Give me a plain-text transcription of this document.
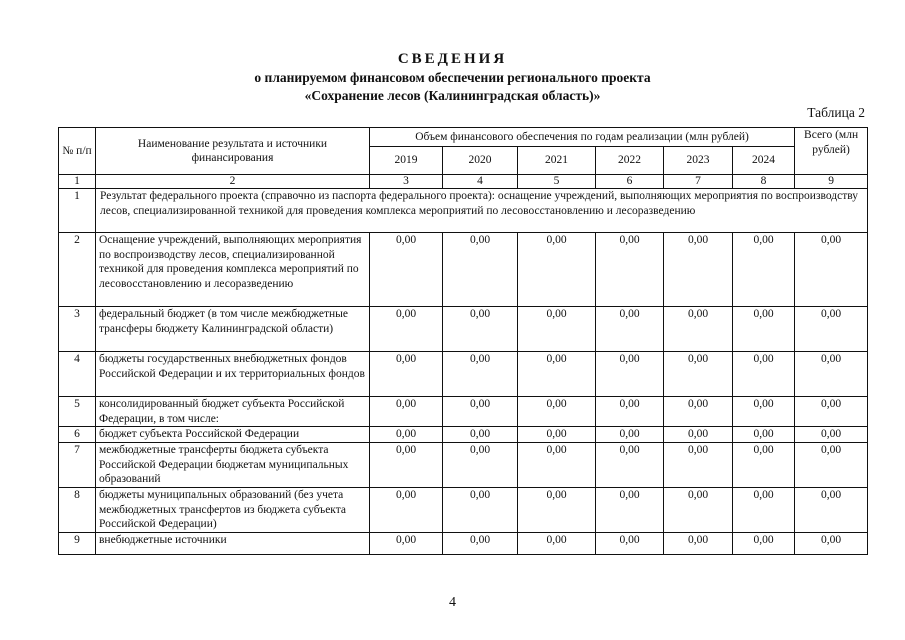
СВЕДЕНИЯ
о планируемом финансовом обеспечении регионального проекта
«Сохранение лесов (Калининградская область)»
Таблица 2
№ п/п	Наименование результата и источники финансирования	Объем финансового обеспечения по годам реализации (млн рублей)						Всего (млн рублей)
		2019	2020	2021	2022	2023	2024	
1	2	3	4	5	6	7	8	9
1	Результат федерального проекта (справочно из паспорта федерального проекта): оснащение учреждений, выполняющих мероприятия по воспроизводству лесов, специализированной техникой для проведения комплекса мероприятий по лесовосстановлению и лесоразведению							
2	Оснащение учреждений, выполняющих мероприятия по воспроизводству лесов, специализированной техникой для проведения комплекса мероприятий по лесовосстановлению и лесоразведению	0,00	0,00	0,00	0,00	0,00	0,00	0,00
3	федеральный бюджет (в том числе межбюджетные трансферы бюджету Калининградской области)	0,00	0,00	0,00	0,00	0,00	0,00	0,00
4	бюджеты государственных внебюджетных фондов Российской Федерации и их территориальных фондов	0,00	0,00	0,00	0,00	0,00	0,00	0,00
5	консолидированный бюджет субъекта Российской Федерации, в том числе:	0,00	0,00	0,00	0,00	0,00	0,00	0,00
6	бюджет субъекта Российской Федерации	0,00	0,00	0,00	0,00	0,00	0,00	0,00
7	межбюджетные трансферты бюджета субъекта Российской Федерации бюджетам муниципальных образований	0,00	0,00	0,00	0,00	0,00	0,00	0,00
8	бюджеты муниципальных образований (без учета межбюджетных трансфертов из бюджета субъекта Российской Федерации)	0,00	0,00	0,00	0,00	0,00	0,00	0,00
9	внебюджетные источники	0,00	0,00	0,00	0,00	0,00	0,00	0,00
4
